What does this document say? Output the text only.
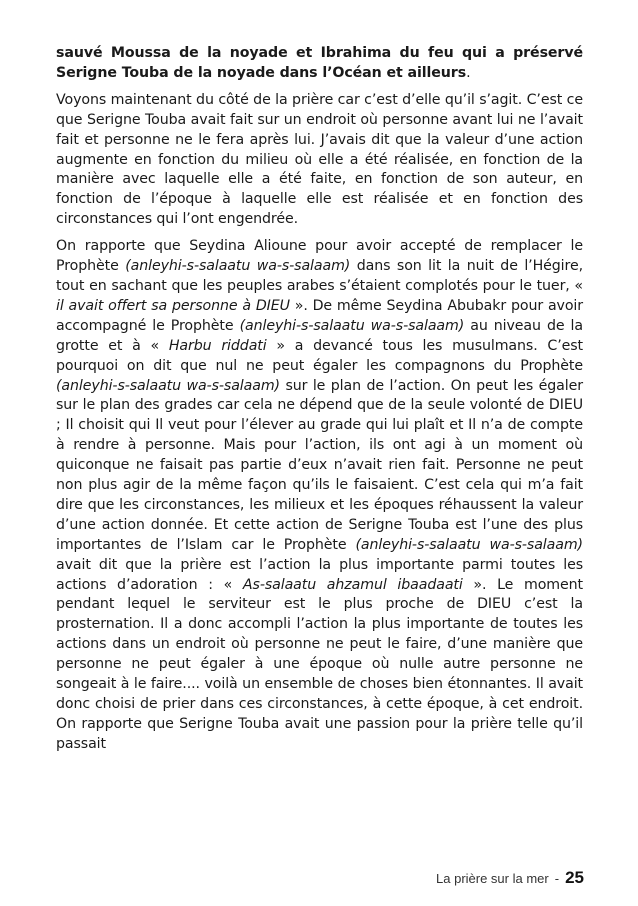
sauvé Moussa de la noyade et Ibrahima du feu qui a préservé Serigne Touba de la noyade dans l’Océan et ailleurs.

Voyons maintenant du côté de la prière car c’est d’elle qu’il s’agit. C’est ce que Serigne Touba avait fait sur un endroit où personne avant lui ne l’avait fait et personne ne le fera après lui. J’avais dit que la valeur d’une action augmente en fonction du milieu où elle a été réalisée, en fonction de la manière avec laquelle elle a été faite, en fonction de son auteur, en fonction de l’époque à laquelle elle est réalisée et en fonction des circonstances qui l’ont engendrée.

On rapporte que Seydina Alioune pour avoir accepté de remplacer le Prophète (anleyhi-s-salaatu wa-s-salaam) dans son lit la nuit de l’Hégire, tout en sachant que les peuples arabes s’étaient complotés pour le tuer, « il avait offert sa personne à DIEU ». De même Seydina Abubakr pour avoir accompagné le Prophète (anleyhi-s-salaatu wa-s-salaam) au niveau de la grotte et à « Harbu riddati » a devancé tous les musulmans. C’est pourquoi on dit que nul ne peut égaler les compagnons du Prophète (anleyhi-s-salaatu wa-s-salaam) sur le plan de l’action. On peut les égaler sur le plan des grades car cela ne dépend que de la seule volonté de DIEU ; Il choisit qui Il veut pour l’élever au grade qui lui plaît et Il n’a de compte à rendre à personne. Mais pour l’action, ils ont agi à un moment où quiconque ne faisait pas partie d’eux n’avait rien fait. Personne ne peut non plus agir de la même façon qu’ils le faisaient. C’est cela qui m’a fait dire que les circonstances, les milieux et les époques réhaussent la valeur d’une action donnée. Et cette action de Serigne Touba est l’une des plus importantes de l’Islam car le Prophète (anleyhi-s-salaatu wa-s-salaam) avait dit que la prière est l’action la plus importante parmi toutes les actions d’adoration : « As-salaatu ahzamul ibaadaati ». Le moment pendant lequel le serviteur est le plus proche de DIEU c’est la prosternation. Il a donc accompli l’action la plus importante de toutes les actions dans un endroit où personne ne peut le faire, d’une manière que personne ne peut égaler à une époque où nulle autre personne ne songeait à le faire.... voilà un ensemble de choses bien étonnantes. Il avait donc choisi de prier dans ces circonstances, à cette époque, à cet endroit. On rapporte que Serigne Touba avait une passion pour la prière telle qu’il passait

La prière sur la mer - 25
